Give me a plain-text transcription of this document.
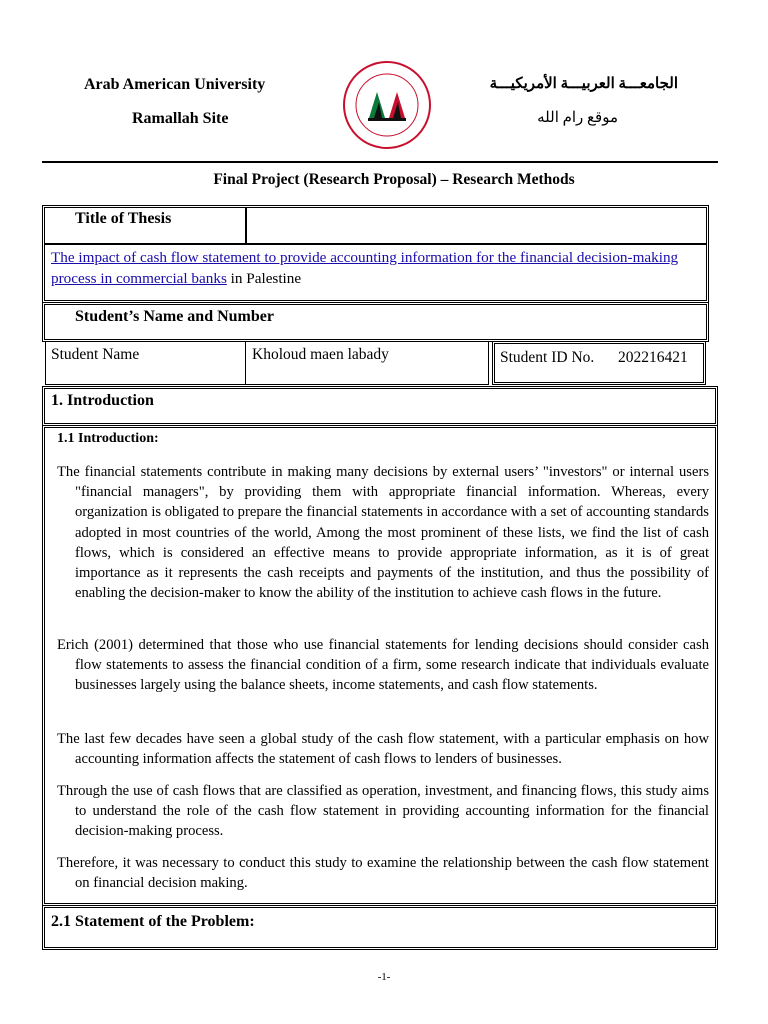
Arab American University
Ramallah Site
الجامعـــة العربيـــة الأمريكيـــة
موقع رام الله
Final Project (Research Proposal) – Research Methods
Title of Thesis
The impact of cash flow statement to provide accounting information for the financial decision-making process in commercial banks in Palestine
Student’s Name and Number
Student Name	Kholoud maen labady	Student ID No. 202216421
1. Introduction
1.1 Introduction:
The financial statements contribute in making many decisions by external users’ "investors" or internal users "financial managers", by providing them with appropriate financial information. Whereas, every organization is obligated to prepare the financial statements in accordance with a set of accounting standards adopted in most countries of the world, Among the most prominent of these lists, we find the list of cash flows, which is considered an effective means to provide appropriate information, as it is of great importance as it represents the cash receipts and payments of the institution, and thus the possibility of enabling the decision-maker to know the ability of the institution to achieve cash flows in the future.
Erich (2001) determined that those who use financial statements for lending decisions should consider cash flow statements to assess the financial condition of a firm, some research indicate that individuals evaluate businesses largely using the balance sheets, income statements, and cash flow statements.
The last few decades have seen a global study of the cash flow statement, with a particular emphasis on how accounting information affects the statement of cash flows to lenders of businesses.
Through the use of cash flows that are classified as operation, investment, and financing flows, this study aims to understand the role of the cash flow statement in providing accounting information for the financial decision-making process.
Therefore, it was necessary to conduct this study to examine the relationship between the cash flow statement on financial decision making.
2.1 Statement of the Problem:
-1-
